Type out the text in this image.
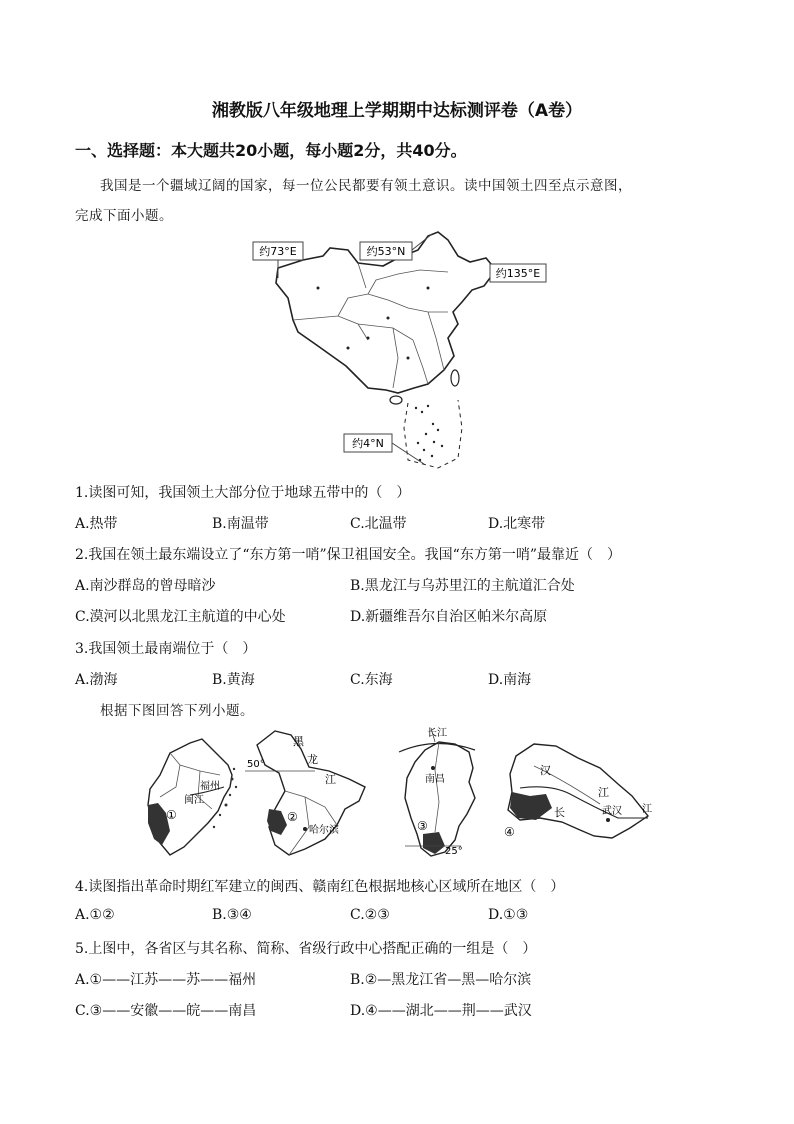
湘教版八年级地理上学期期中达标测评卷（A卷）
一、选择题：本大题共20小题，每小题2分，共40分。
我国是一个疆域辽阔的国家，每一位公民都要有领土意识。读中国领土四至点示意图，
完成下面小题。
约73°E	约53°N
约135°E
约4°N
1.读图可知，我国领土大部分位于地球五带中的（　）
A.热带	B.南温带	C.北温带	D.北寒带
2.我国在领土最东端设立了“东方第一哨”保卫祖国安全。我国“东方第一哨”最靠近（　）
A.南沙群岛的曾母暗沙	B.黑龙江与乌苏里江的主航道汇合处
C.漠河以北黑龙江主航道的中心处	D.新疆维吾尔自治区帕米尔高原
3.我国领土最南端位于（　）
A.渤海	B.黄海	C.东海	D.南海
根据下图回答下列小题。
福州
闽江
①
50°
黑
龙
江
哈尔滨
②
长江
南昌
25°
③
汉
江
长	江
武汉
④
4.读图指出革命时期红军建立的闽西、赣南红色根据地核心区域所在地区（　）
A.①②	B.③④	C.②③	D.①③
5.上图中，各省区与其名称、简称、省级行政中心搭配正确的一组是（　）
A.①——江苏——苏——福州	B.②—黑龙江省—黑—哈尔滨
C.③——安徽——皖——南昌	D.④——湖北——荆——武汉
